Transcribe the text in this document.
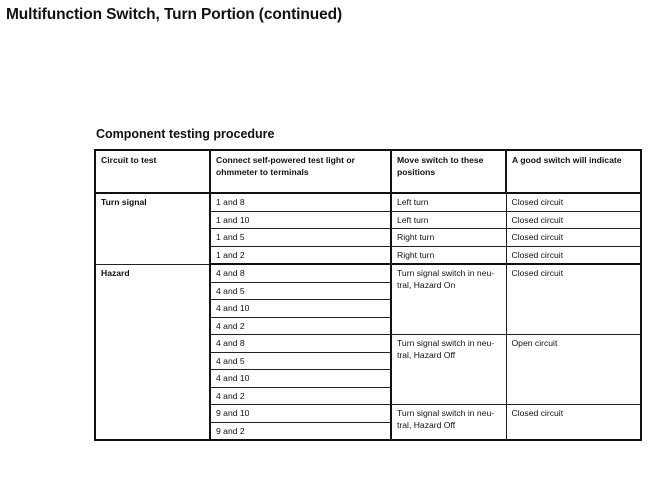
Multifunction Switch, Turn Portion (continued)
Component testing procedure
Circuit to test	Connect self-powered test light or ohmmeter to terminals	Move switch to these positions	A good switch will indicate
Turn signal	1 and 8	Left turn	Closed circuit
	1 and 10	Left turn	Closed circuit
	1 and 5	Right turn	Closed circuit
	1 and 2	Right turn	Closed circuit
Hazard	4 and 8	Turn signal switch in neu-tral, Hazard On	Closed circuit
	4 and 5		
	4 and 10		
	4 and 2		
	4 and 8	Turn signal switch in neu-tral, Hazard Off	Open circuit
	4 and 5		
	4 and 10		
	4 and 2		
	9 and 10	Turn signal switch in neu-tral, Hazard Off	Closed circuit
	9 and 2		
